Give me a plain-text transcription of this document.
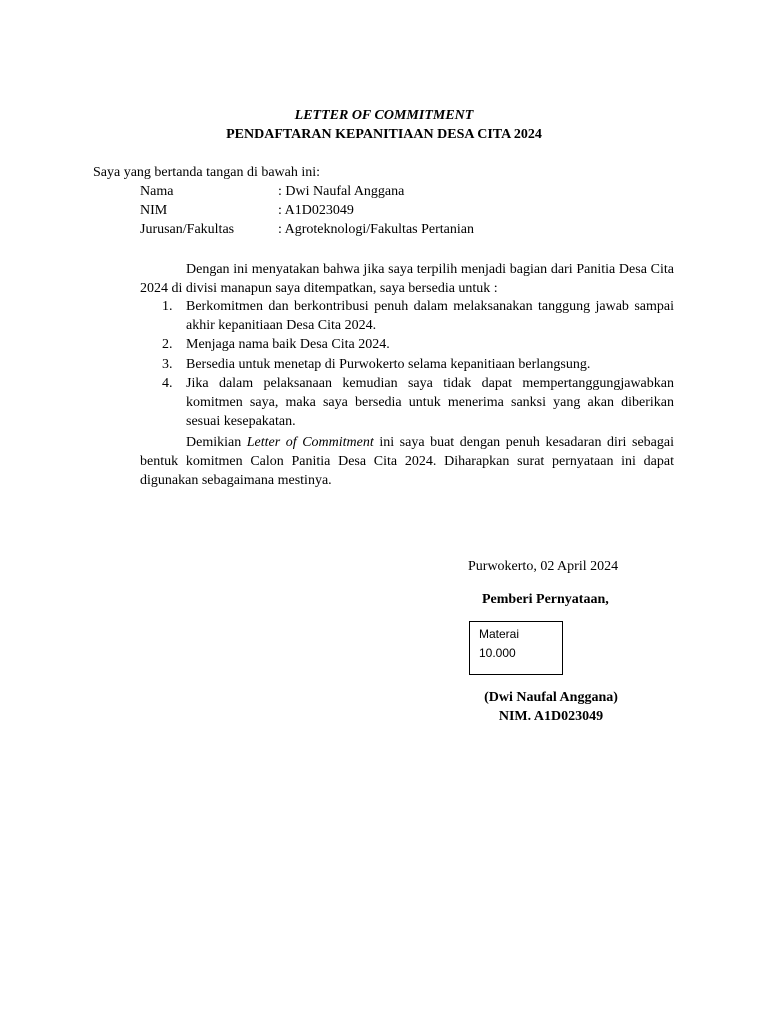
LETTER OF COMMITMENT
PENDAFTARAN KEPANITIAAN DESA CITA 2024
Saya yang bertanda tangan di bawah ini:
Nama	: Dwi Naufal Anggana
NIM	: A1D023049
Jurusan/Fakultas	: Agroteknologi/Fakultas Pertanian
Dengan ini menyatakan bahwa jika saya terpilih menjadi bagian dari Panitia Desa Cita 2024 di divisi manapun saya ditempatkan, saya bersedia untuk :
1. Berkomitmen dan berkontribusi penuh dalam melaksanakan tanggung jawab sampai akhir kepanitiaan Desa Cita 2024.
2. Menjaga nama baik Desa Cita 2024.
3. Bersedia untuk menetap di Purwokerto selama kepanitiaan berlangsung.
4. Jika dalam pelaksanaan kemudian saya tidak dapat mempertanggungjawabkan komitmen saya, maka saya bersedia untuk menerima sanksi yang akan diberikan sesuai kesepakatan.
Demikian Letter of Commitment ini saya buat dengan penuh kesadaran diri sebagai bentuk komitmen Calon Panitia Desa Cita 2024. Diharapkan surat pernyataan ini dapat digunakan sebagaimana mestinya.
Purwokerto, 02 April 2024
Pemberi Pernyataan,
Materai
10.000
(Dwi Naufal Anggana)
NIM. A1D023049
